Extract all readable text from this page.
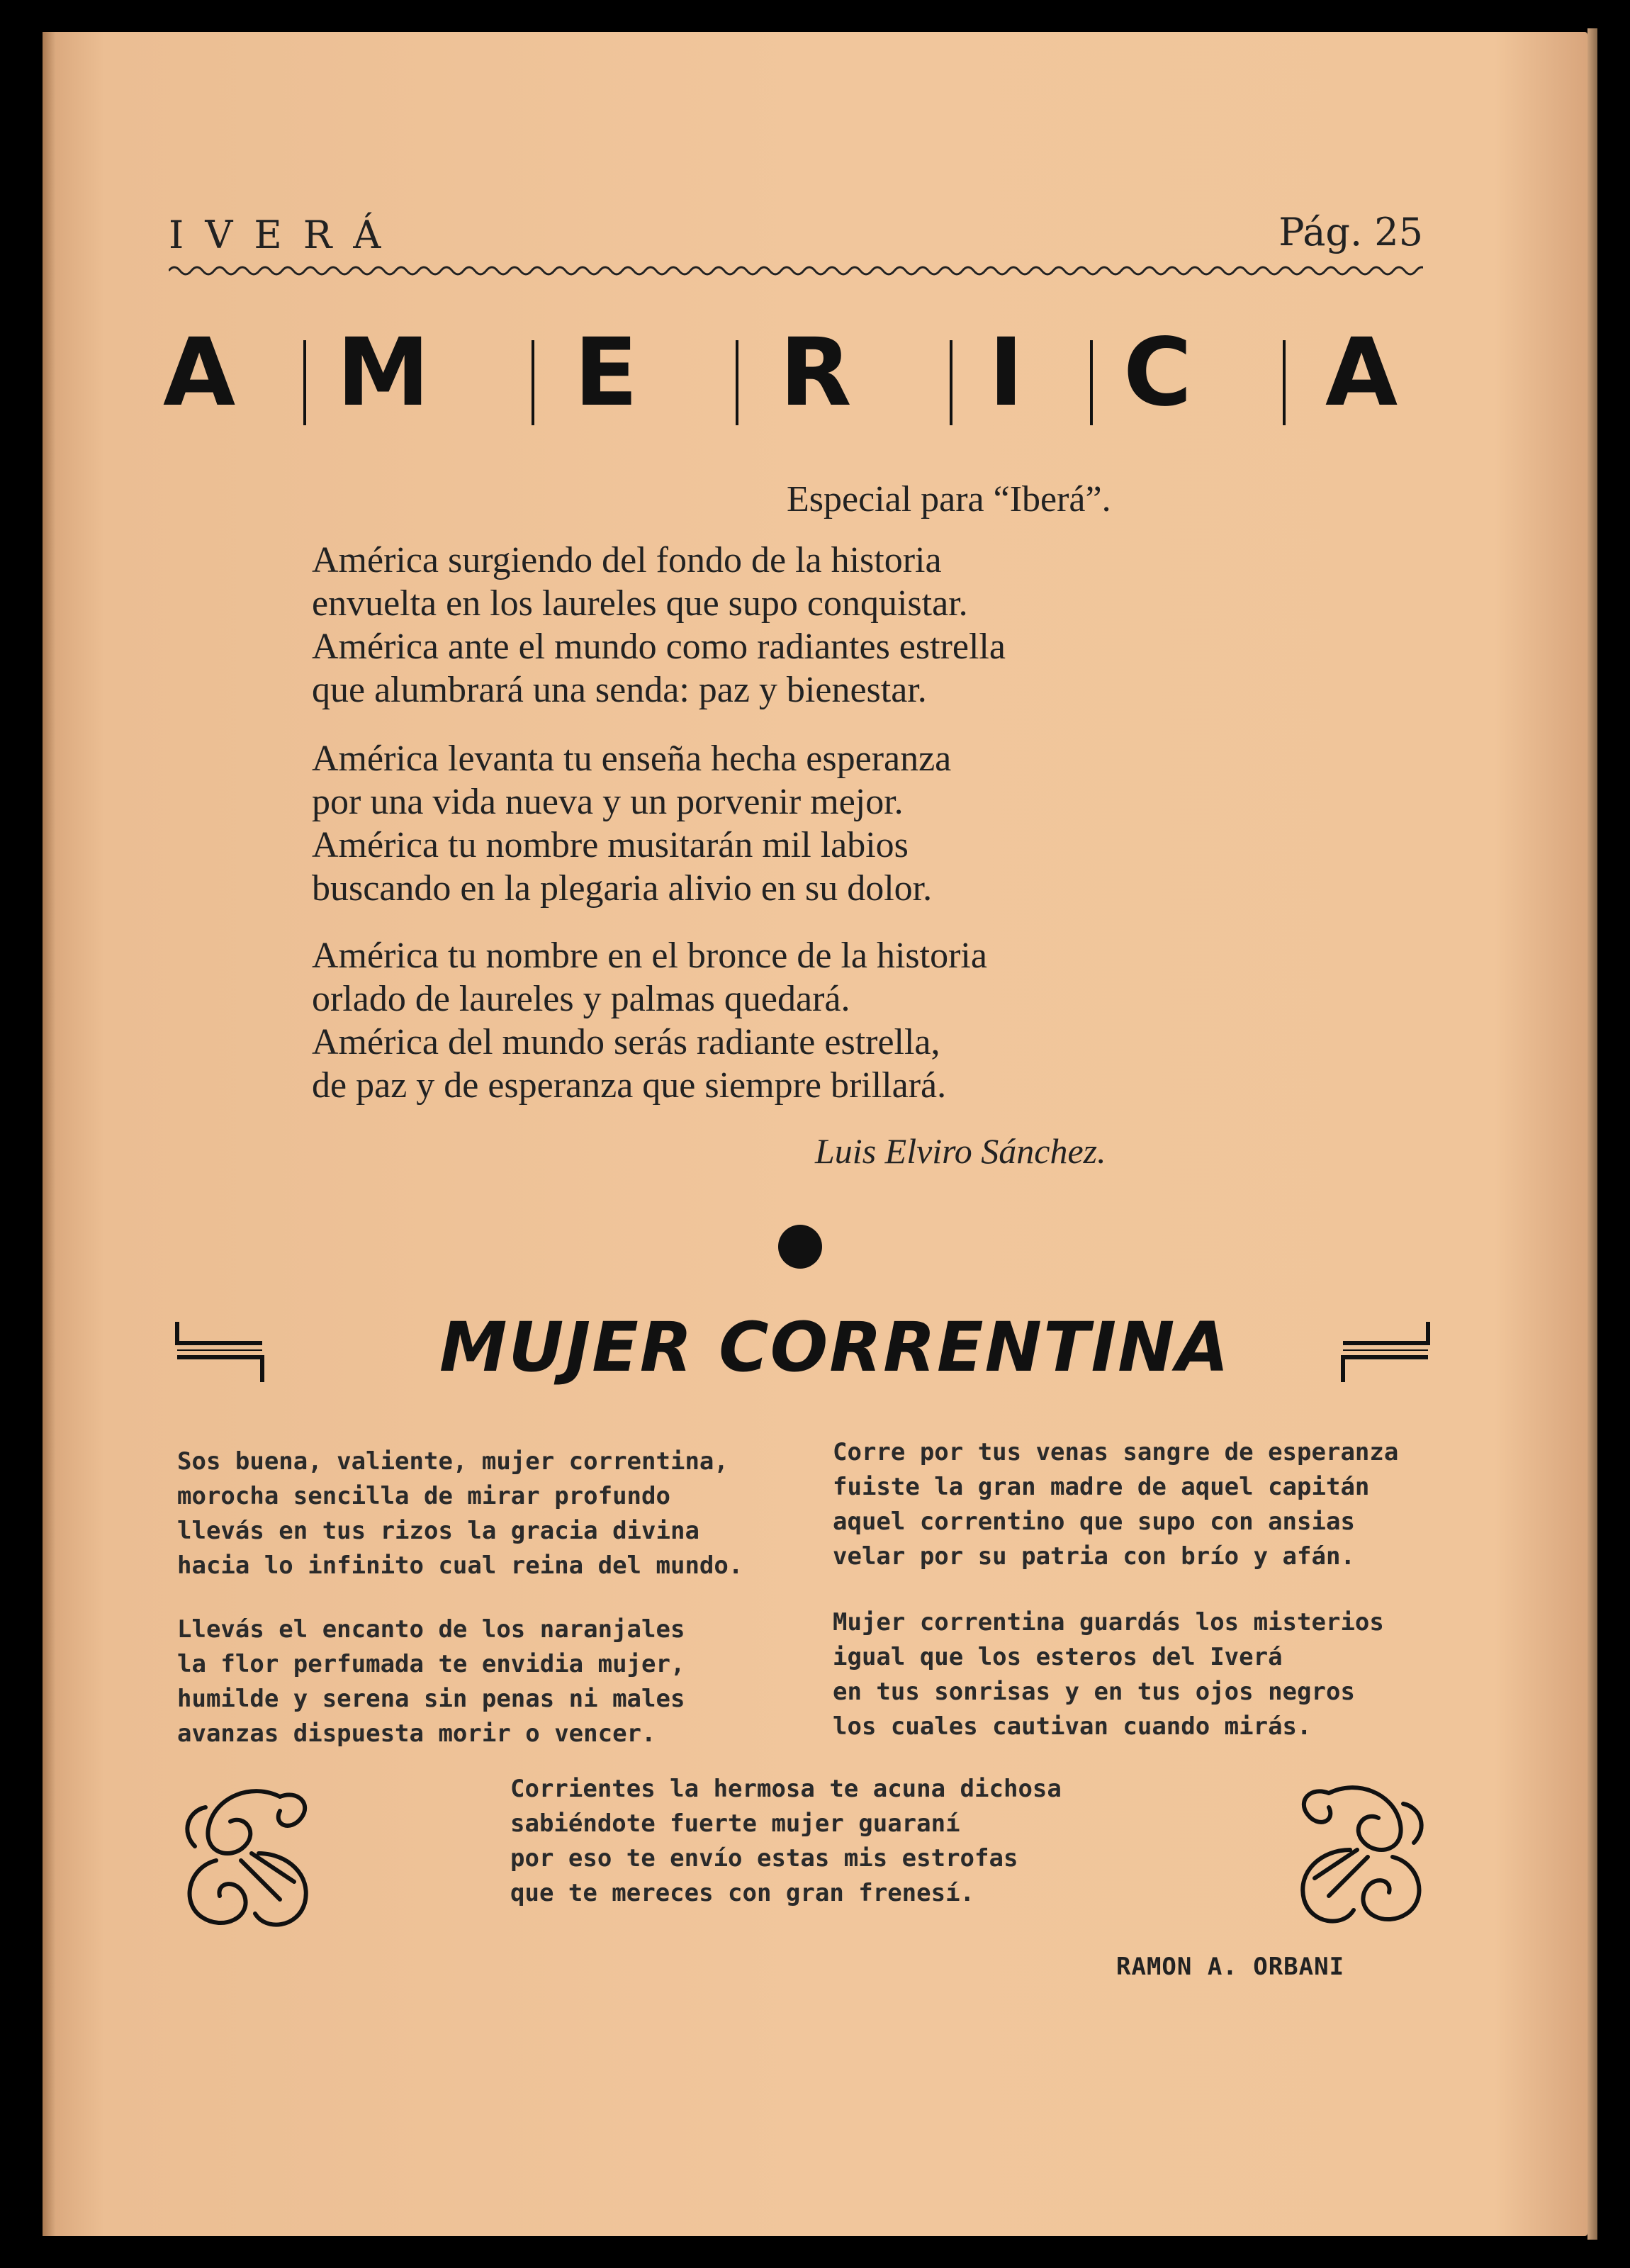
IVERÁ	Pág. 25
A M E R I C A
Especial para “Iberá”.
América surgiendo del fondo de la historia
envuelta en los laureles que supo conquistar.
América ante el mundo como radiantes estrella
que alumbrará una senda: paz y bienestar.
América levanta tu enseña hecha esperanza
por una vida nueva y un porvenir mejor.
América tu nombre musitarán mil labios
buscando en la plegaria alivio en su dolor.
América tu nombre en el bronce de la historia
orlado de laureles y palmas quedará.
América del mundo serás radiante estrella,
de paz y de esperanza que siempre brillará.
Luis Elviro Sánchez.
MUJER CORRENTINA
Sos buena, valiente, mujer correntina,
morocha sencilla de mirar profundo
llevás en tus rizos la gracia divina
hacia lo infinito cual reina del mundo.
Llevás el encanto de los naranjales
la flor perfumada te envidia mujer,
humilde y serena sin penas ni males
avanzas dispuesta morir o vencer.
Corre por tus venas sangre de esperanza
fuiste la gran madre de aquel capitán
aquel correntino que supo con ansias
velar por su patria con brío y afán.
Mujer correntina guardás los misterios
igual que los esteros del Iverá
en tus sonrisas y en tus ojos negros
los cuales cautivan cuando mirás.
Corrientes la hermosa te acuna dichosa
sabiéndote fuerte mujer guaraní
por eso te envío estas mis estrofas
que te mereces con gran frenesí.
RAMON A. ORBANI
